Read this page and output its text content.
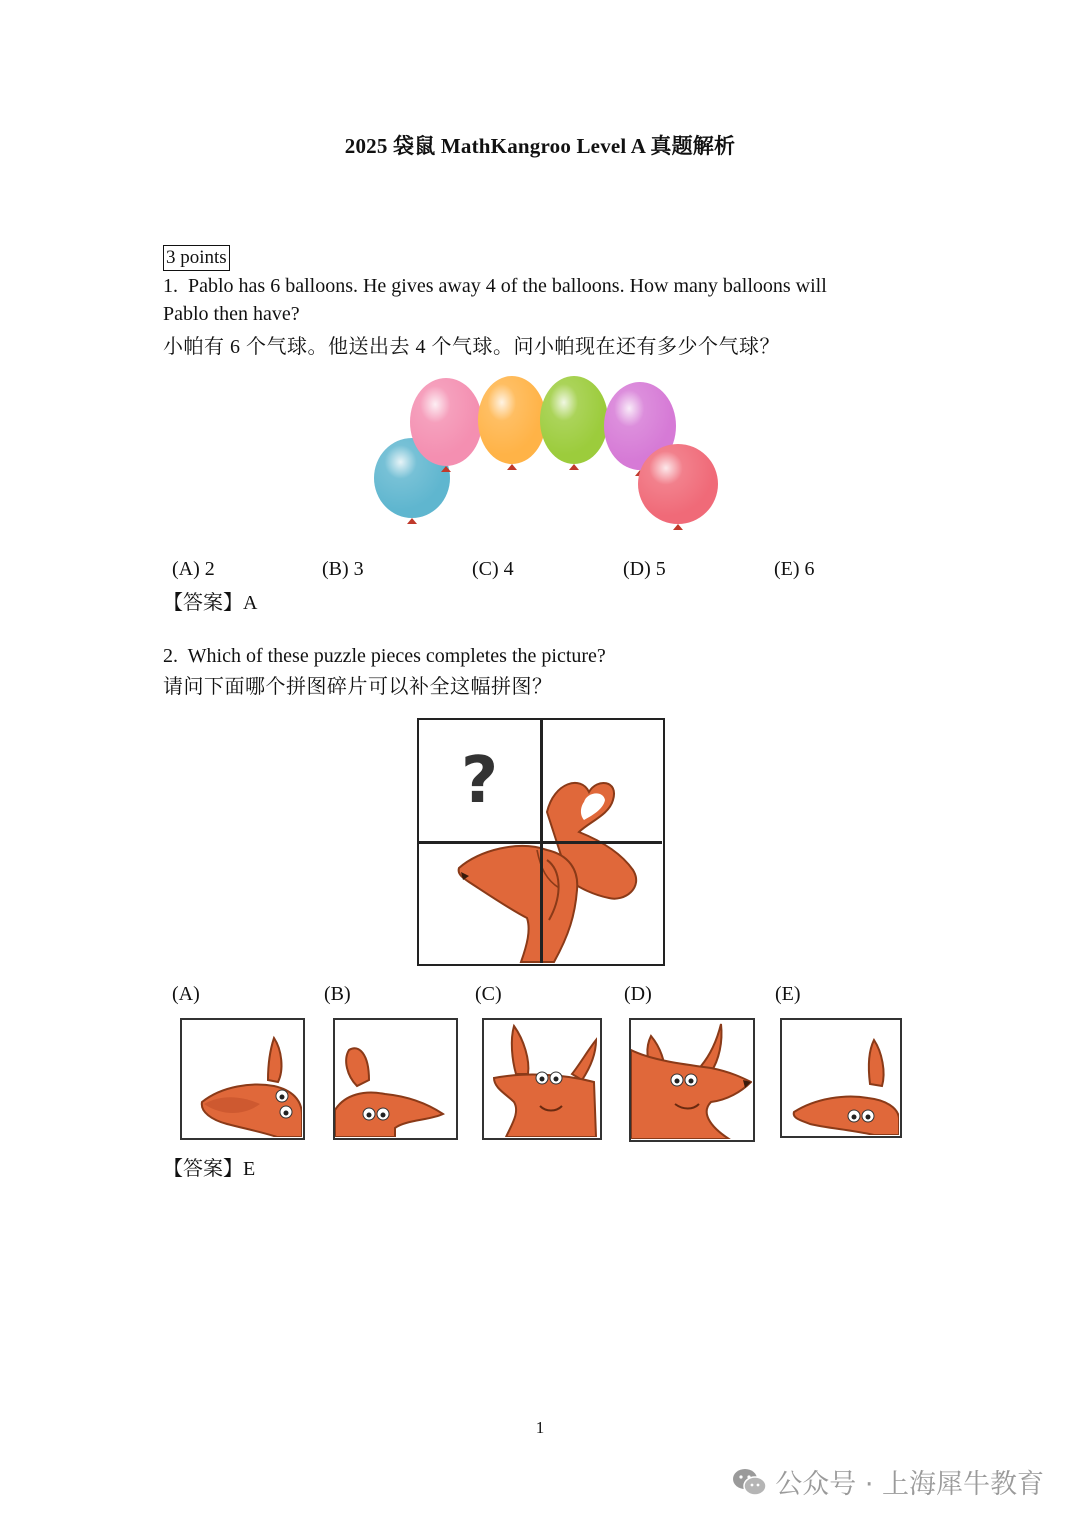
2025 袋鼠 MathKangroo Level A 真题解析
3 points
1. Pablo has 6 balloons. He gives away 4 of the balloons. How many balloons will
Pablo then have?
小帕有 6 个气球。他送出去 4 个气球。问小帕现在还有多少个气球？
(A) 2	(B) 3	(C) 4	(D) 5	(E) 6
【答案】A
2. Which of these puzzle pieces completes the picture?
请问下面哪个拼图碎片可以补全这幅拼图？
?
(A)	(B)	(C)	(D)	(E)
【答案】E
1
公众号 · 上海犀牛教育
